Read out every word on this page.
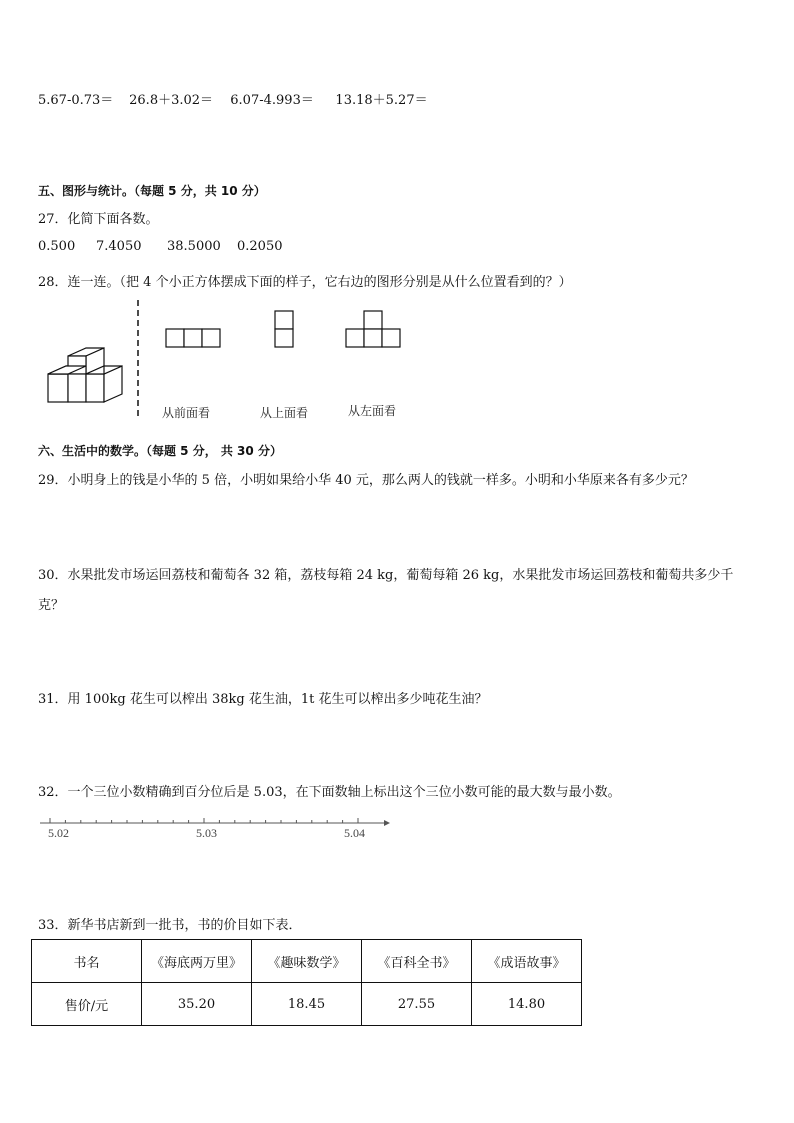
5.67-0.73＝ 26.8＋3.02＝ 6.07-4.993＝ 13.18＋5.27＝
五、图形与统计。（每题 5 分，共 10 分）
27．化简下面各数。
0.500 7.4050 38.5000 0.2050
28．连一连。（把 4 个小正方体摆成下面的样子，它右边的图形分别是从什么位置看到的？）
从前面看	从上面看	从左面看
六、生活中的数学。（每题 5 分， 共 30 分）
29．小明身上的钱是小华的 5 倍，小明如果给小华 40 元，那么两人的钱就一样多。小明和小华原来各有多少元？
30．水果批发市场运回荔枝和葡萄各 32 箱，荔枝每箱 24 kg，葡萄每箱 26 kg，水果批发市场运回荔枝和葡萄共多少千
克？
31．用 100kg 花生可以榨出 38kg 花生油，1t 花生可以榨出多少吨花生油？
32．一个三位小数精确到百分位后是 5.03，在下面数轴上标出这个三位小数可能的最大数与最小数。
5.02	5.03	5.04
33．新华书店新到一批书，书的价目如下表．
书名	《海底两万里》	《趣味数学》	《百科全书》	《成语故事》
售价/元	35.20	18.45	27.55	14.80
